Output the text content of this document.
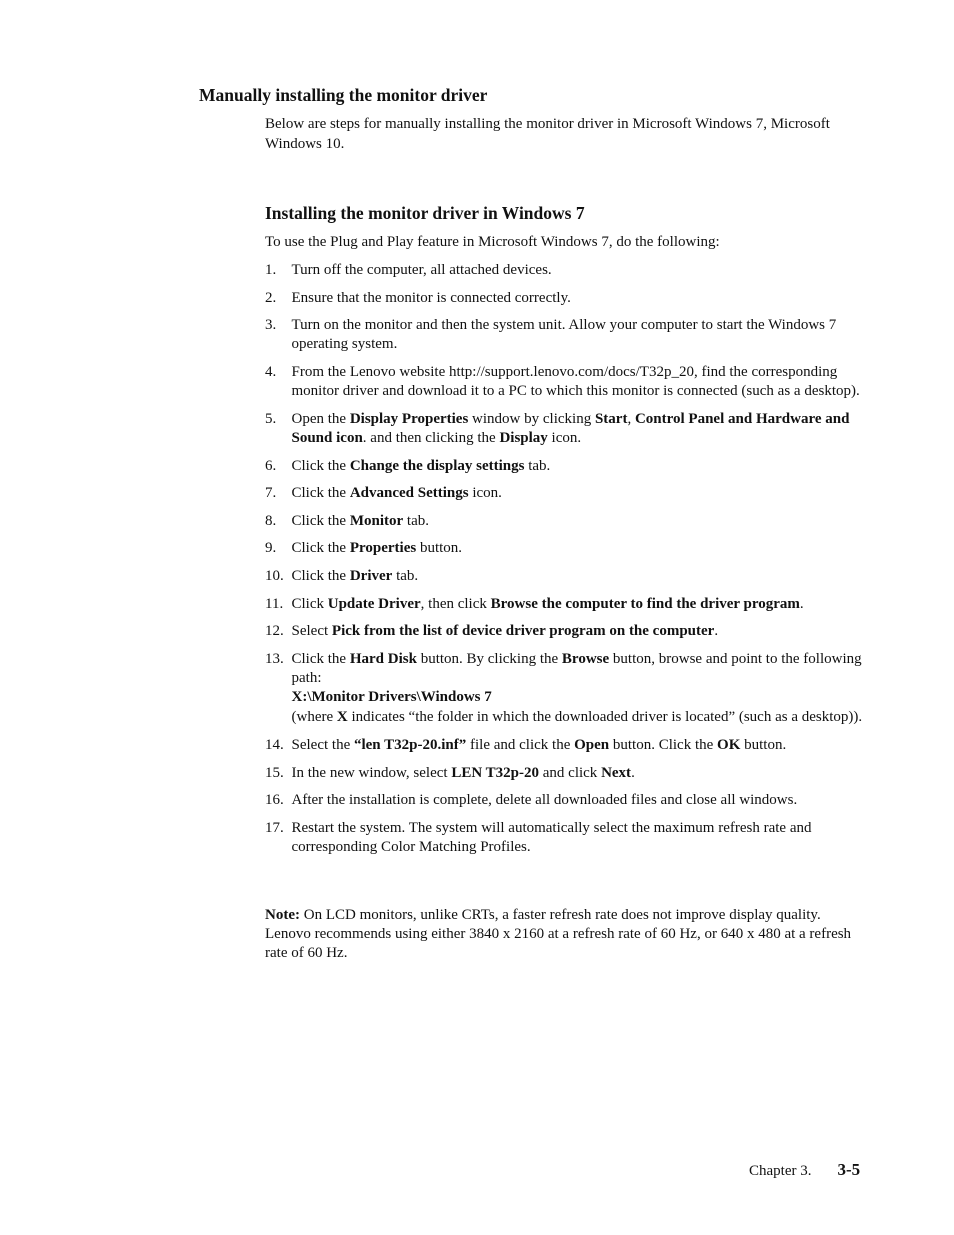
Manually installing the monitor driver

Below are steps for manually installing the monitor driver in Microsoft Windows 7, Microsoft Windows 10.

Installing the monitor driver in Windows 7

To use the Plug and Play feature in Microsoft Windows 7, do the following:

1. Turn off the computer, all attached devices.
2. Ensure that the monitor is connected correctly.
3. Turn on the monitor and then the system unit. Allow your computer to start the Windows 7 operating system.
4. From the Lenovo website http://support.lenovo.com/docs/T32p_20, find the corresponding monitor driver and download it to a PC to which this monitor is connected (such as a desktop).
5. Open the Display Properties window by clicking Start, Control Panel and Hardware and Sound icon. and then clicking the Display icon.
6. Click the Change the display settings tab.
7. Click the Advanced Settings icon.
8. Click the Monitor tab.
9. Click the Properties button.
10. Click the Driver tab.
11. Click Update Driver, then click Browse the computer to find the driver program.
12. Select Pick from the list of device driver program on the computer.
13. Click the Hard Disk button. By clicking the Browse button, browse and point to the following path:
X:\Monitor Drivers\Windows 7
(where X indicates “the folder in which the downloaded driver is located” (such as a desktop)).
14. Select the “len T32p-20.inf” file and click the Open button. Click the OK button.
15. In the new window, select LEN T32p-20 and click Next.
16. After the installation is complete, delete all downloaded files and close all windows.
17. Restart the system. The system will automatically select the maximum refresh rate and corresponding Color Matching Profiles.

Note: On LCD monitors, unlike CRTs, a faster refresh rate does not improve display quality. Lenovo recommends using either 3840 x 2160 at a refresh rate of 60 Hz, or 640 x 480 at a refresh rate of 60 Hz.

Chapter 3. 3-5
